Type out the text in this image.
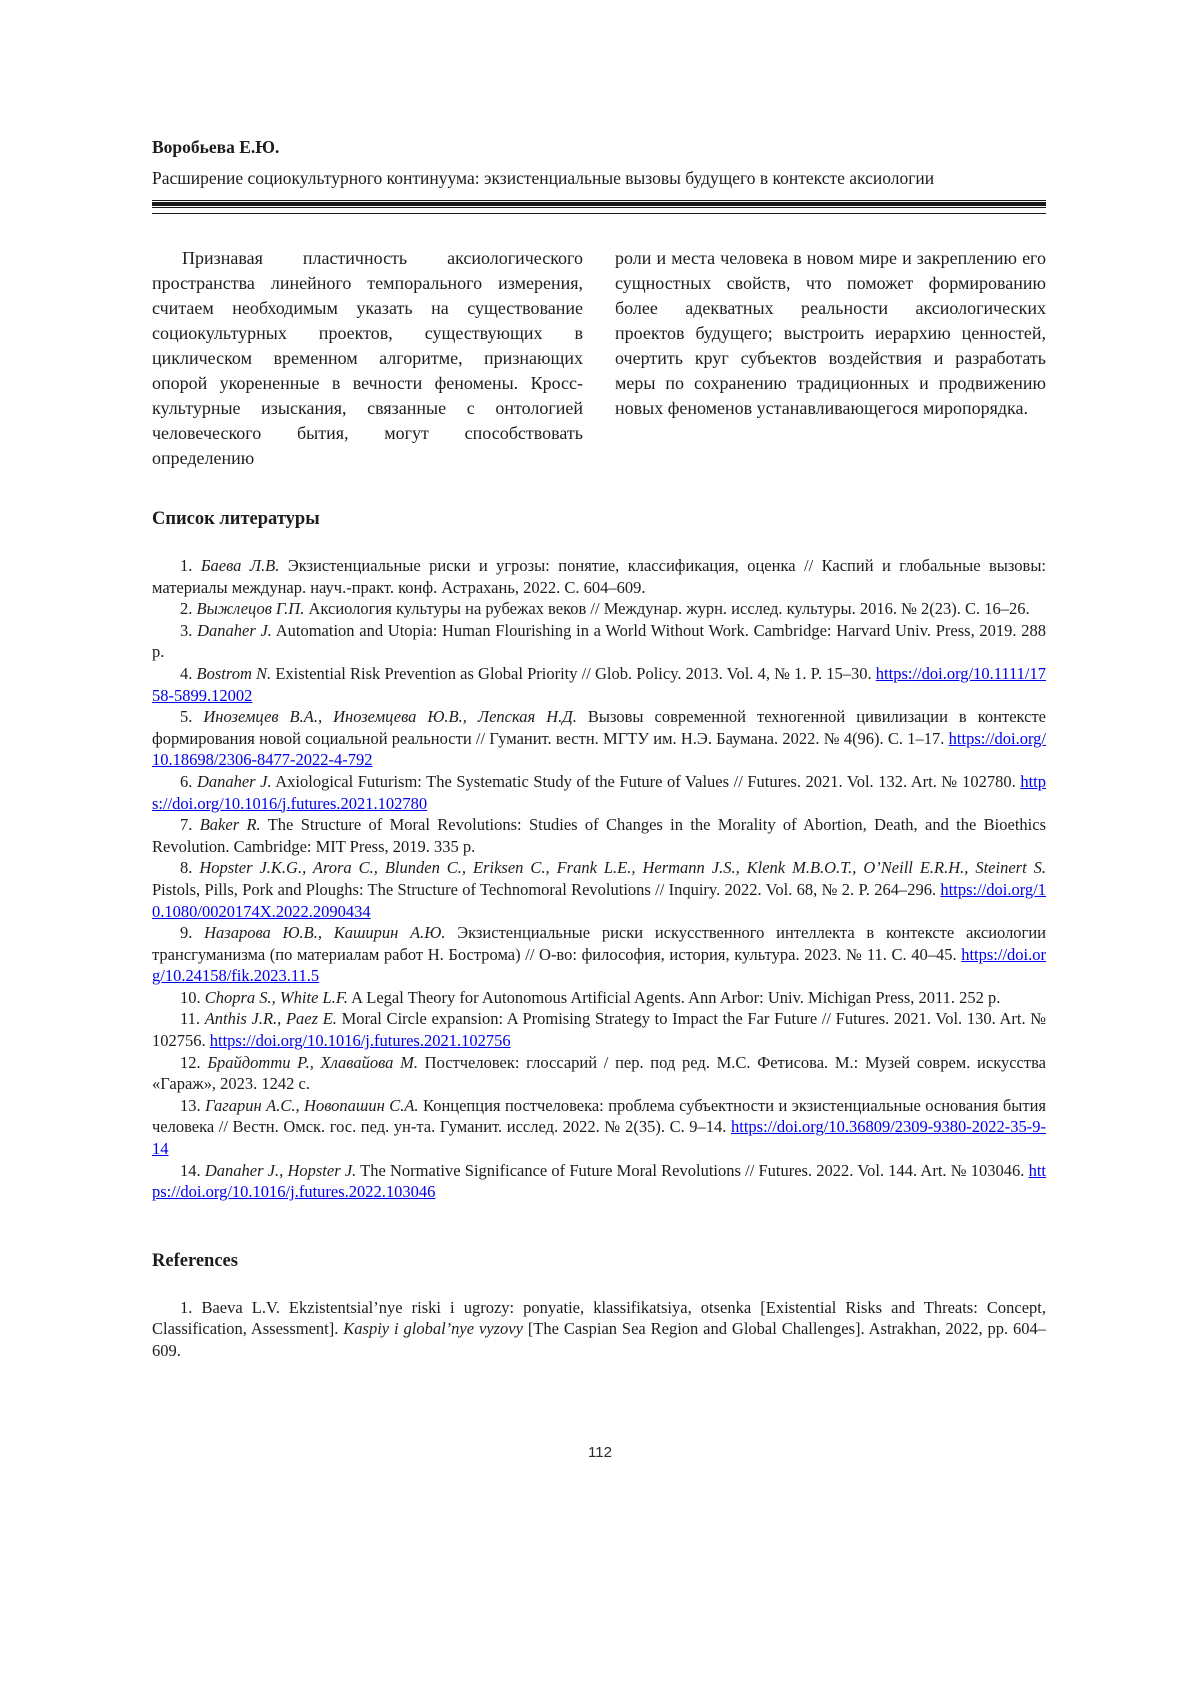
Воробьева Е.Ю.
Расширение социокультурного континуума: экзистенциальные вызовы будущего в контексте аксиологии

Признавая пластичность аксиологического пространства линейного темпорального измерения, считаем необходимым указать на существование социокультурных проектов, существующих в циклическом временном алгоритме, признающих опорой укорененные в вечности феномены. Кросс-культурные изыскания, связанные с онтологией человеческого бытия, могут способствовать определению

роли и места человека в новом мире и закреплению его сущностных свойств, что поможет формированию более адекватных реальности аксиологических проектов будущего; выстроить иерархию ценностей, очертить круг субъектов воздействия и разработать меры по сохранению традиционных и продвижению новых феноменов устанавливающегося миропорядка.

Список литературы

1. Баева Л.В. Экзистенциальные риски и угрозы: понятие, классификация, оценка // Каспий и глобальные вызовы: материалы междунар. науч.-практ. конф. Астрахань, 2022. С. 604–609.

2. Выжлецов Г.П. Аксиология культуры на рубежах веков // Междунар. журн. исслед. культуры. 2016. № 2(23). С. 16–26.

3. Danaher J. Automation and Utopia: Human Flourishing in a World Without Work. Cambridge: Harvard Univ. Press, 2019. 288 p.

4. Bostrom N. Existential Risk Prevention as Global Priority // Glob. Policy. 2013. Vol. 4, № 1. P. 15–30. https://doi.org/10.1111/1758-5899.12002

5. Иноземцев В.А., Иноземцева Ю.В., Лепская Н.Д. Вызовы современной техногенной цивилизации в контексте формирования новой социальной реальности // Гуманит. вестн. МГТУ им. Н.Э. Баумана. 2022. № 4(96). С. 1–17. https://doi.org/10.18698/2306-8477-2022-4-792

6. Danaher J. Axiological Futurism: The Systematic Study of the Future of Values // Futures. 2021. Vol. 132. Art. № 102780. https://doi.org/10.1016/j.futures.2021.102780

7. Baker R. The Structure of Moral Revolutions: Studies of Changes in the Morality of Abortion, Death, and the Bioethics Revolution. Cambridge: MIT Press, 2019. 335 p.

8. Hopster J.K.G., Arora C., Blunden C., Eriksen C., Frank L.E., Hermann J.S., Klenk M.B.O.T., O’Neill E.R.H., Steinert S. Pistols, Pills, Pork and Ploughs: The Structure of Technomoral Revolutions // Inquiry. 2022. Vol. 68, № 2. P. 264–296. https://doi.org/10.1080/0020174X.2022.2090434

9. Назарова Ю.В., Каширин А.Ю. Экзистенциальные риски искусственного интеллекта в контексте аксиологии трансгуманизма (по материалам работ Н. Бострома) // О-во: философия, история, культура. 2023. № 11. С. 40–45. https://doi.org/10.24158/fik.2023.11.5

10. Chopra S., White L.F. A Legal Theory for Autonomous Artificial Agents. Ann Arbor: Univ. Michigan Press, 2011. 252 p.

11. Anthis J.R., Paez E. Moral Circle expansion: A Promising Strategy to Impact the Far Future // Futures. 2021. Vol. 130. Art. № 102756. https://doi.org/10.1016/j.futures.2021.102756

12. Брайдотти Р., Хлавайова М. Постчеловек: глоссарий / пер. под ред. М.С. Фетисова. М.: Музей соврем. искусства «Гараж», 2023. 1242 с.

13. Гагарин А.С., Новопашин С.А. Концепция постчеловека: проблема субъектности и экзистенциальные основания бытия человека // Вестн. Омск. гос. пед. ун-та. Гуманит. исслед. 2022. № 2(35). С. 9–14. https://doi.org/10.36809/2309-9380-2022-35-9-14

14. Danaher J., Hopster J. The Normative Significance of Future Moral Revolutions // Futures. 2022. Vol. 144. Art. № 103046. https://doi.org/10.1016/j.futures.2022.103046

References

1. Baeva L.V. Ekzistentsial’nye riski i ugrozy: ponyatie, klassifikatsiya, otsenka [Existential Risks and Threats: Concept, Classification, Assessment]. Kaspiy i global’nye vyzovy [The Caspian Sea Region and Global Challenges]. Astrakhan, 2022, pp. 604–609.

112
